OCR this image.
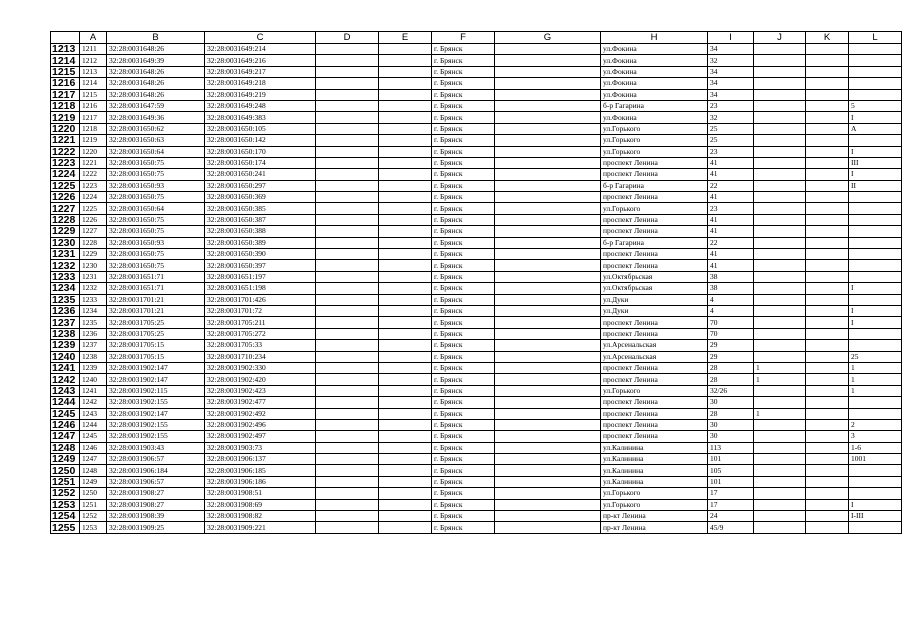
	A	B	C	D	E	F	G	H	I	J	K	L
1213	1211	32:28:0031648:26	32:28:0031649:214			г. Брянск		ул.Фокина	34			
1214	1212	32:28:0031649:39	32:28:0031649:216			г. Брянск		ул.Фокина	32			
1215	1213	32:28:0031648:26	32:28:0031649:217			г. Брянск		ул.Фокина	34			
1216	1214	32:28:0031648:26	32:28:0031649:218			г. Брянск		ул.Фокина	34			
1217	1215	32:28:0031648:26	32:28:0031649:219			г. Брянск		ул.Фокина	34			
1218	1216	32:28:0031647:59	32:28:0031649:248			г. Брянск		б-р Гагарина	23			5
1219	1217	32:28:0031649:36	32:28:0031649:383			г. Брянск		ул.Фокина	32			I
1220	1218	32:28:0031650:62	32:28:0031650:105			г. Брянск		ул.Горького	25			A
1221	1219	32:28:0031650:63	32:28:0031650:142			г. Брянск		ул.Горького	25			
1222	1220	32:28:0031650:64	32:28:0031650:170			г. Брянск		ул.Горького	23			I
1223	1221	32:28:0031650:75	32:28:0031650:174			г. Брянск		проспект Ленина	41			III
1224	1222	32:28:0031650:75	32:28:0031650:241			г. Брянск		проспект Ленина	41			I
1225	1223	32:28:0031650:93	32:28:0031650:297			г. Брянск		б-р Гагарина	22			II
1226	1224	32:28:0031650:75	32:28:0031650:369			г. Брянск		проспект Ленина	41			
1227	1225	32:28:0031650:64	32:28:0031650:385			г. Брянск		ул.Горького	23			
1228	1226	32:28:0031650:75	32:28:0031650:387			г. Брянск		проспект Ленина	41			
1229	1227	32:28:0031650:75	32:28:0031650:388			г. Брянск		проспект Ленина	41			
1230	1228	32:28:0031650:93	32:28:0031650:389			г. Брянск		б-р Гагарина	22			
1231	1229	32:28:0031650:75	32:28:0031650:390			г. Брянск		проспект Ленина	41			
1232	1230	32:28:0031650:75	32:28:0031650:397			г. Брянск		проспект Ленина	41			
1233	1231	32:28:0031651:71	32:28:0031651:197			г. Брянск		ул.Октябрьская	38			
1234	1232	32:28:0031651:71	32:28:0031651:198			г. Брянск		ул.Октябрьская	38			I
1235	1233	32:28:0031701:21	32:28:0031701:426			г. Брянск		ул.Дуки	4			
1236	1234	32:28:0031701:21	32:28:0031701:72			г. Брянск		ул.Дуки	4			I
1237	1235	32:28:0031705:25	32:28:0031705:211			г. Брянск		проспект Ленина	70			I
1238	1236	32:28:0031705:25	32:28:0031705:272			г. Брянск		проспект Ленина	70			
1239	1237	32:28:0031705:15	32:28:0031705:33			г. Брянск		ул.Арсенальская	29			
1240	1238	32:28:0031705:15	32:28:0031710:234			г. Брянск		ул.Арсенальская	29			25
1241	1239	32:28:0031902:147	32:28:0031902:330			г. Брянск		проспект Ленина	28	1		1
1242	1240	32:28:0031902:147	32:28:0031902:420			г. Брянск		проспект Ленина	28	1		1
1243	1241	32:28:0031902:115	32:28:0031902:423			г. Брянск		ул.Горького	32/26			1
1244	1242	32:28:0031902:155	32:28:0031902:477			г. Брянск		проспект Ленина	30			
1245	1243	32:28:0031902:147	32:28:0031902:492			г. Брянск		проспект Ленина	28	1		
1246	1244	32:28:0031902:155	32:28:0031902:496			г. Брянск		проспект Ленина	30			2
1247	1245	32:28:0031902:155	32:28:0031902:497			г. Брянск		проспект Ленина	30			3
1248	1246	32:28:0031903:43	32:28:0031903:73			г. Брянск		ул.Калинина	113			1-6
1249	1247	32:28:0031906:57	32:28:0031906:137			г. Брянск		ул.Калинина	101			1001
1250	1248	32:28:0031906:184	32:28:0031906:185			г. Брянск		ул.Калинина	105			
1251	1249	32:28:0031906:57	32:28:0031906:186			г. Брянск		ул.Калинина	101			
1252	1250	32:28:0031908:27	32:28:0031908:51			г. Брянск		ул.Горького	17			
1253	1251	32:28:0031908:27	32:28:0031908:69			г. Брянск		ул.Горького	17			I
1254	1252	32:28:0031908:39	32:28:0031908:82			г. Брянск		пр-кт Ленина	24			I-III
1255	1253	32:28:0031909:25	32:28:0031909:221			г. Брянск		пр-кт Ленина	45/9			
